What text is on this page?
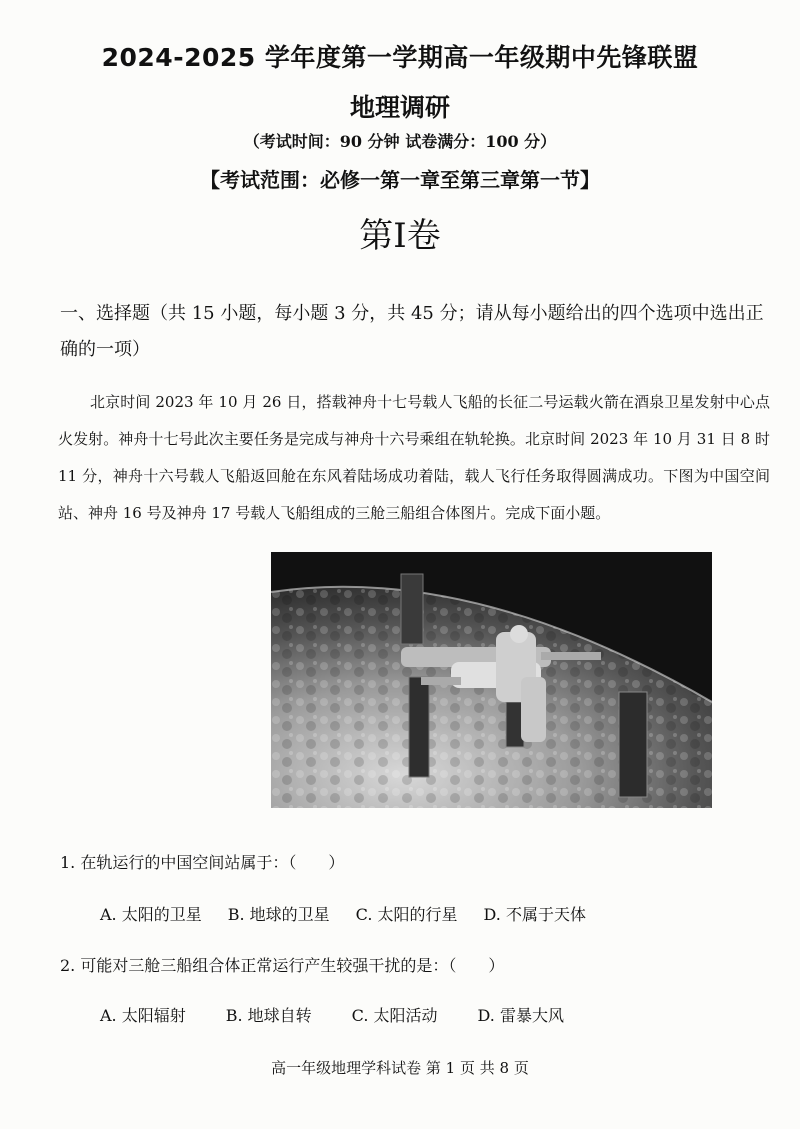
2024-2025 学年度第一学期高一年级期中先锋联盟
地理调研
（考试时间：90 分钟 试卷满分：100 分）
【考试范围：必修一第一章至第三章第一节】
第Ⅰ卷
一、选择题（共 15 小题，每小题 3 分，共 45 分；请从每小题给出的四个选项中选出正确的一项）
北京时间 2023 年 10 月 26 日，搭载神舟十七号载人飞船的长征二号运载火箭在酒泉卫星发射中心点火发射。神舟十七号此次主要任务是完成与神舟十六号乘组在轨轮换。北京时间 2023 年 10 月 31 日 8 时 11 分，神舟十六号载人飞船返回舱在东风着陆场成功着陆，载人飞行任务取得圆满成功。下图为中国空间站、神舟 16 号及神舟 17 号载人飞船组成的三舱三船组合体图片。完成下面小题。
1. 在轨运行的中国空间站属于：（　　）
A. 太阳的卫星 B. 地球的卫星 C. 太阳的行星 D. 不属于天体
2. 可能对三舱三船组合体正常运行产生较强干扰的是：（　　）
A. 太阳辐射	B. 地球自转	C. 太阳活动	D. 雷暴大风
高一年级地理学科试卷 第 1 页 共 8 页
